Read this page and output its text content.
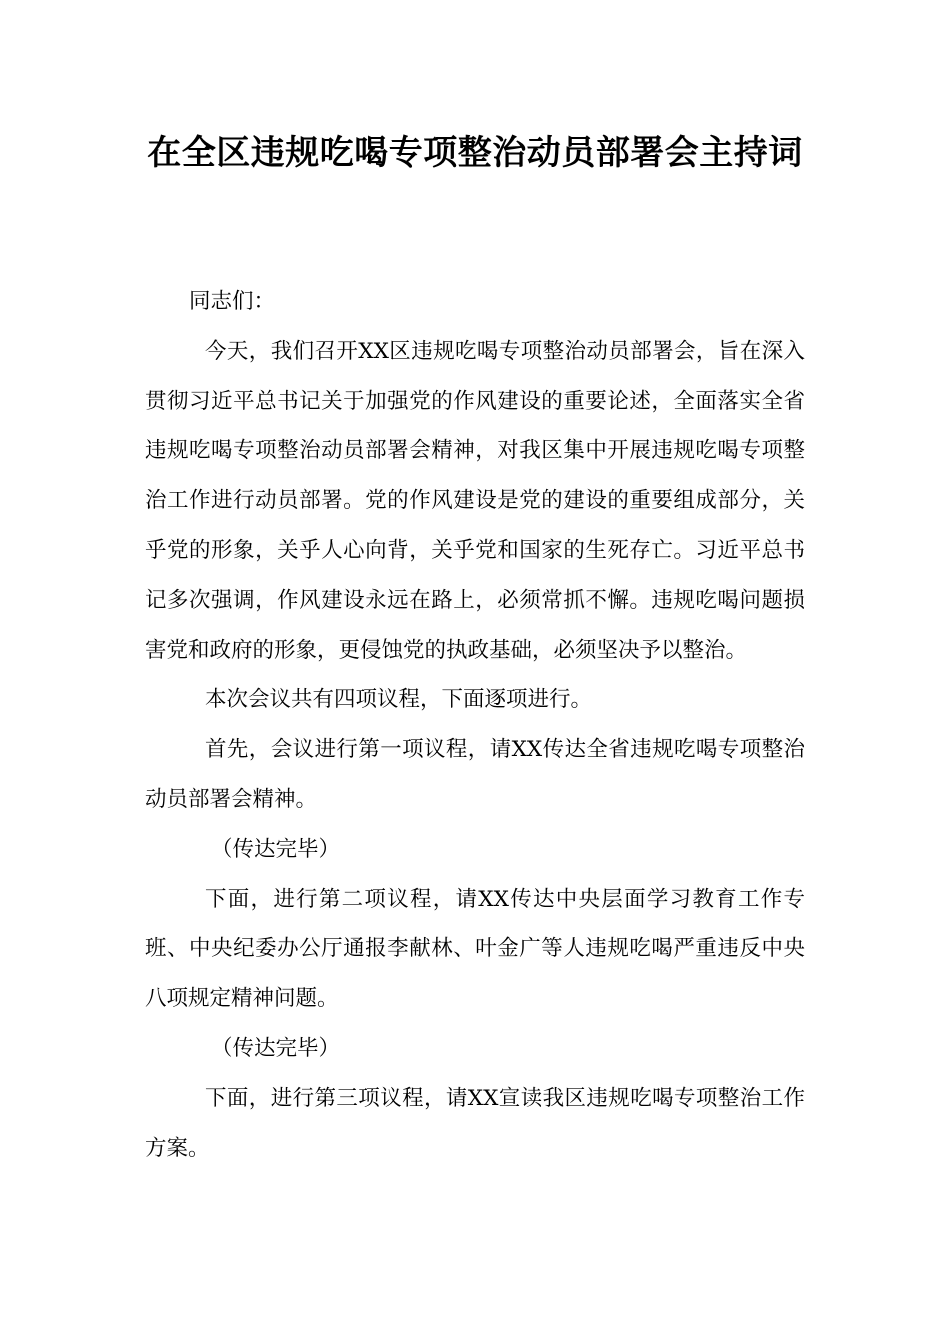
在全区违规吃喝专项整治动员部署会主持词

同志们：

今天，我们召开XX区违规吃喝专项整治动员部署会，旨在深入贯彻习近平总书记关于加强党的作风建设的重要论述，全面落实全省违规吃喝专项整治动员部署会精神，对我区集中开展违规吃喝专项整治工作进行动员部署。党的作风建设是党的建设的重要组成部分，关乎党的形象，关乎人心向背，关乎党和国家的生死存亡。习近平总书记多次强调，作风建设永远在路上，必须常抓不懈。违规吃喝问题损害党和政府的形象，更侵蚀党的执政基础，必须坚决予以整治。

本次会议共有四项议程，下面逐项进行。

首先，会议进行第一项议程，请XX传达全省违规吃喝专项整治动员部署会精神。

（传达完毕）

下面，进行第二项议程，请XX传达中央层面学习教育工作专班、中央纪委办公厅通报李献林、叶金广等人违规吃喝严重违反中央八项规定精神问题。

（传达完毕）

下面，进行第三项议程，请XX宣读我区违规吃喝专项整治工作方案。
